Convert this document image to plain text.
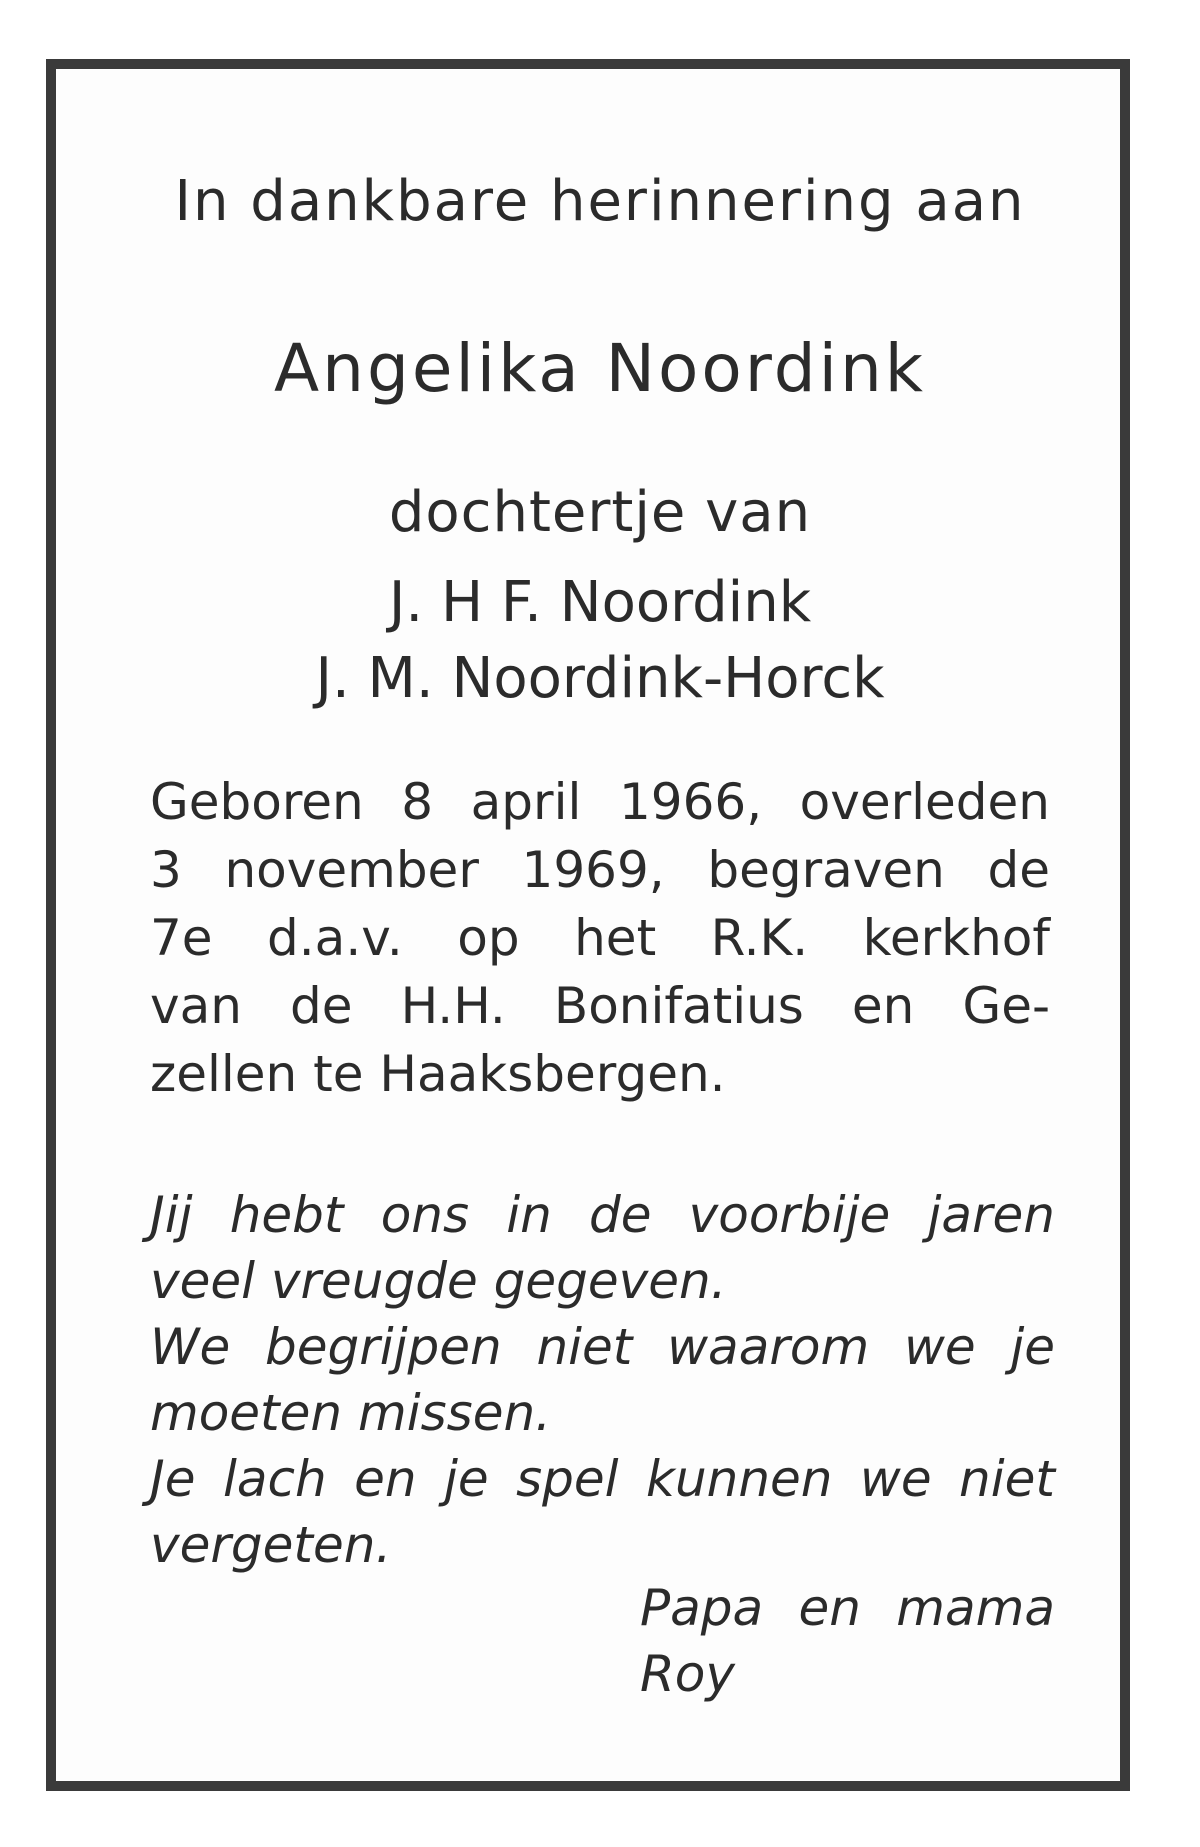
In dankbare herinnering aan
Angelika Noordink
dochtertje van
J. H F. Noordink
J. M. Noordink-Horck
Geboren 8 april 1966, overleden
3 november 1969, begraven de
7e d.a.v. op het R.K. kerkhof
van de H.H. Bonifatius en Ge-
zellen te Haaksbergen.
Jij hebt ons in de voorbije jaren
veel vreugde gegeven.
We begrijpen niet waarom we je
moeten missen.
Je lach en je spel kunnen we niet
vergeten.
Papa en mama
Roy
